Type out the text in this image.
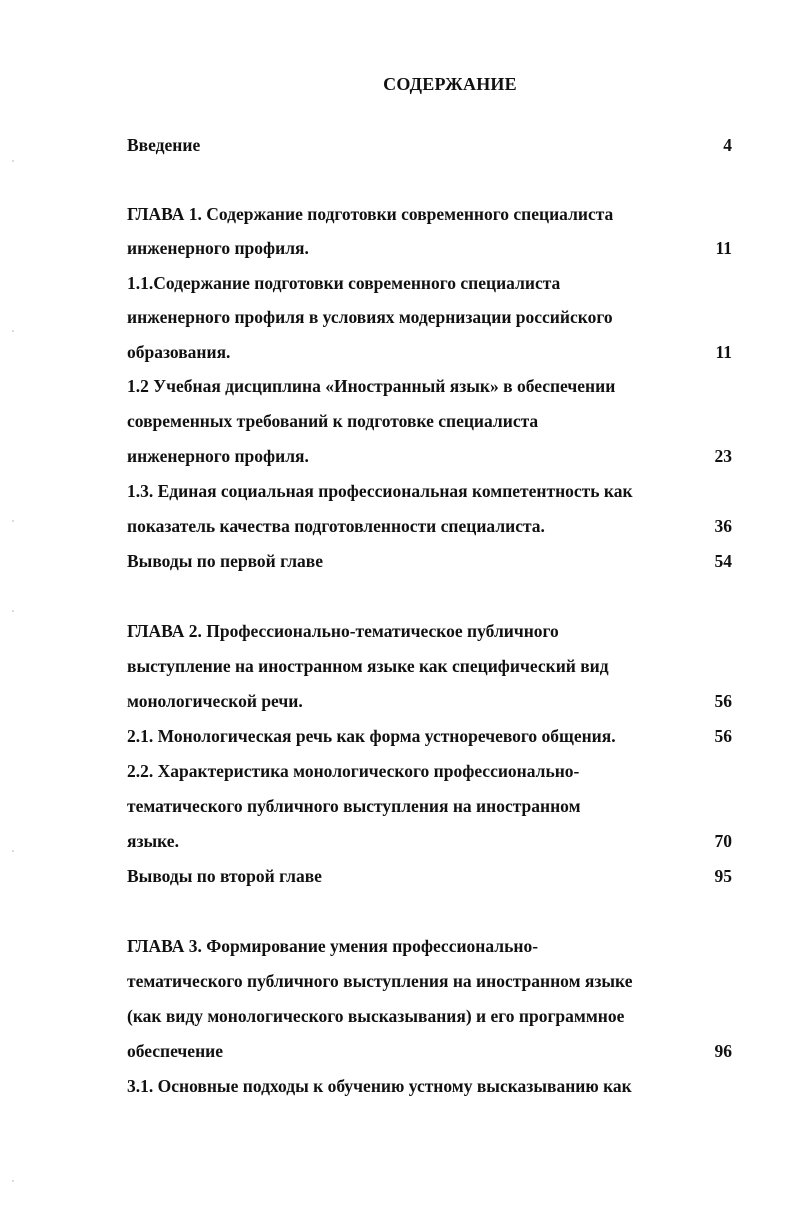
СОДЕРЖАНИЕ
Введение	4
ГЛАВА 1. Содержание подготовки современного специалиста
инженерного профиля.	11
1.1.Содержание подготовки современного специалиста
инженерного профиля в условиях модернизации российского
образования.	11
1.2 Учебная дисциплина «Иностранный язык» в обеспечении
современных требований к подготовке специалиста
инженерного профиля.	23
1.3. Единая социальная профессиональная компетентность как
показатель качества подготовленности специалиста.	36
Выводы по первой главе	54
ГЛАВА 2. Профессионально-тематическое публичного
выступление на иностранном языке как специфический вид
монологической речи.	56
2.1. Монологическая речь как форма устноречевого общения.	56
2.2. Характеристика монологического профессионально-
тематического публичного выступления на иностранном
языке.	70
Выводы по второй главе	95
ГЛАВА 3. Формирование умения профессионально-
тематического публичного выступления на иностранном языке
(как виду монологического высказывания) и его программное
обеспечение	96
3.1. Основные подходы к обучению устному высказыванию как
